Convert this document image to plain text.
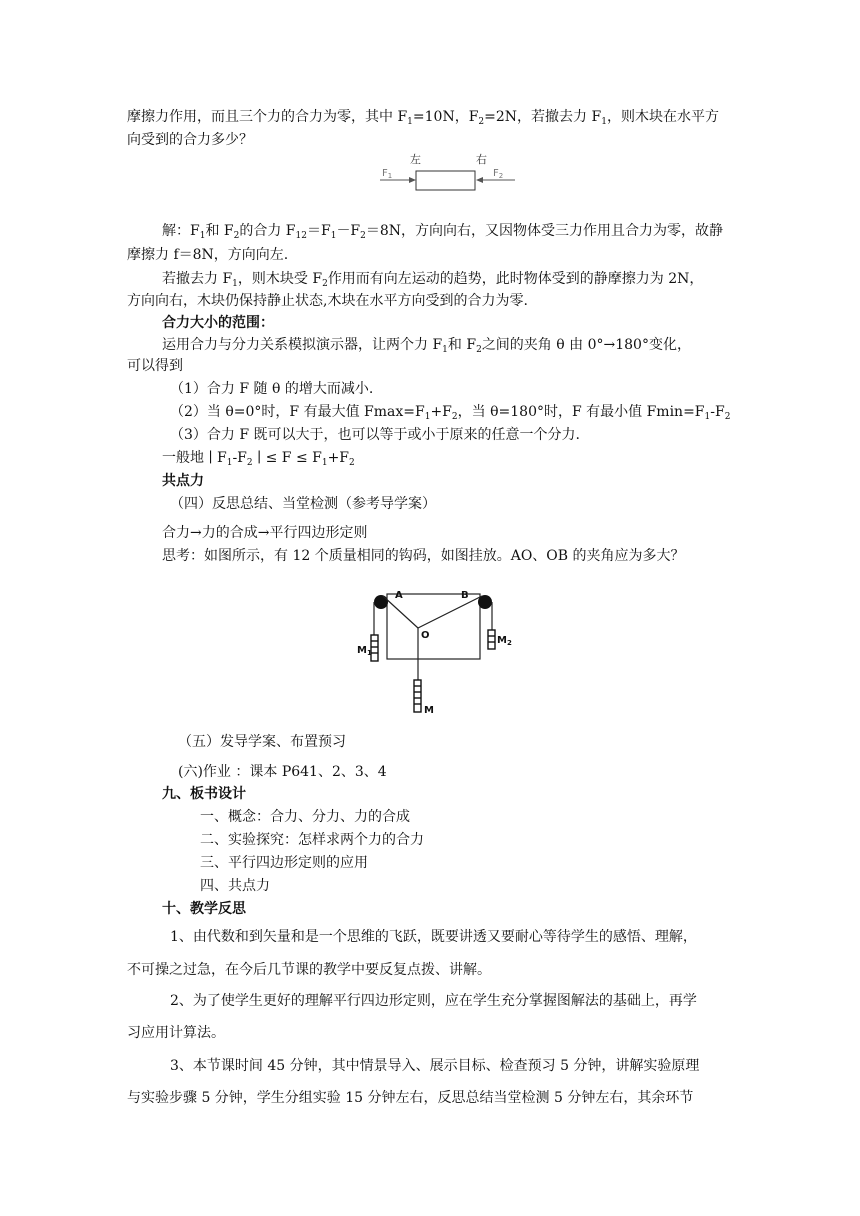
摩擦力作用，而且三个力的合力为零，其中 $F_1=10N$，$F_2=2N$，若撤去力 $F_1$，则木块在水平方
向受到的合力多少？
左	右
$F_1$	$F_2$
解：$F_1$和 $F_2$的合力 $F_{12}=F_1-F_2=8N$，方向向右，又因物体受三力作用且合力为零，故静
摩擦力 f＝8N，方向向左.
若撤去力 $F_1$，则木块受 $F_2$作用而有向左运动的趋势，此时物体受到的静摩擦力为 2N，
方向向右，木块仍保持静止状态,木块在水平方向受到的合力为零.
合力大小的范围：
运用合力与分力关系模拟演示器，让两个力 $F_1$和 $F_2$之间的夹角 θ 由 0°→180°变化，
可以得到
（1）合力 F 随 θ 的增大而减小.
（2）当 θ=0°时，F 有最大值 $Fmax=F_1+F_2$，当 θ=180°时，F 有最小值 $Fmin=F_1-F_2$
（3）合力 F 既可以大于，也可以等于或小于原来的任意一个分力.
一般地 ∣ $F_1-F_2$ ∣ ≤ $F \le F_1+F_2$
共点力
（四）反思总结、当堂检测（参考导学案）
合力→力的合成→平行四边形定则
思考：如图所示，有 12 个质量相同的钩码，如图挂放。AO、OB 的夹角应为多大？
A	B
O
$M_1$
$M_2$
M
（五）发导学案、布置预习
(六)作业 ：课本 P641、2、3、4
九、板书设计
一、概念：合力、分力、力的合成
二、实验探究：怎样求两个力的合力
三、平行四边形定则的应用
四、共点力
十、教学反思
1、由代数和到矢量和是一个思维的飞跃，既要讲透又要耐心等待学生的感悟、理解，
不可操之过急，在今后几节课的教学中要反复点拨、讲解。
2、为了使学生更好的理解平行四边形定则，应在学生充分掌握图解法的基础上，再学
习应用计算法。
3、本节课时间 45 分钟，其中情景导入、展示目标、检查预习 5 分钟，讲解实验原理
与实验步骤 5 分钟，学生分组实验 15 分钟左右，反思总结当堂检测 5 分钟左右，其余环节
